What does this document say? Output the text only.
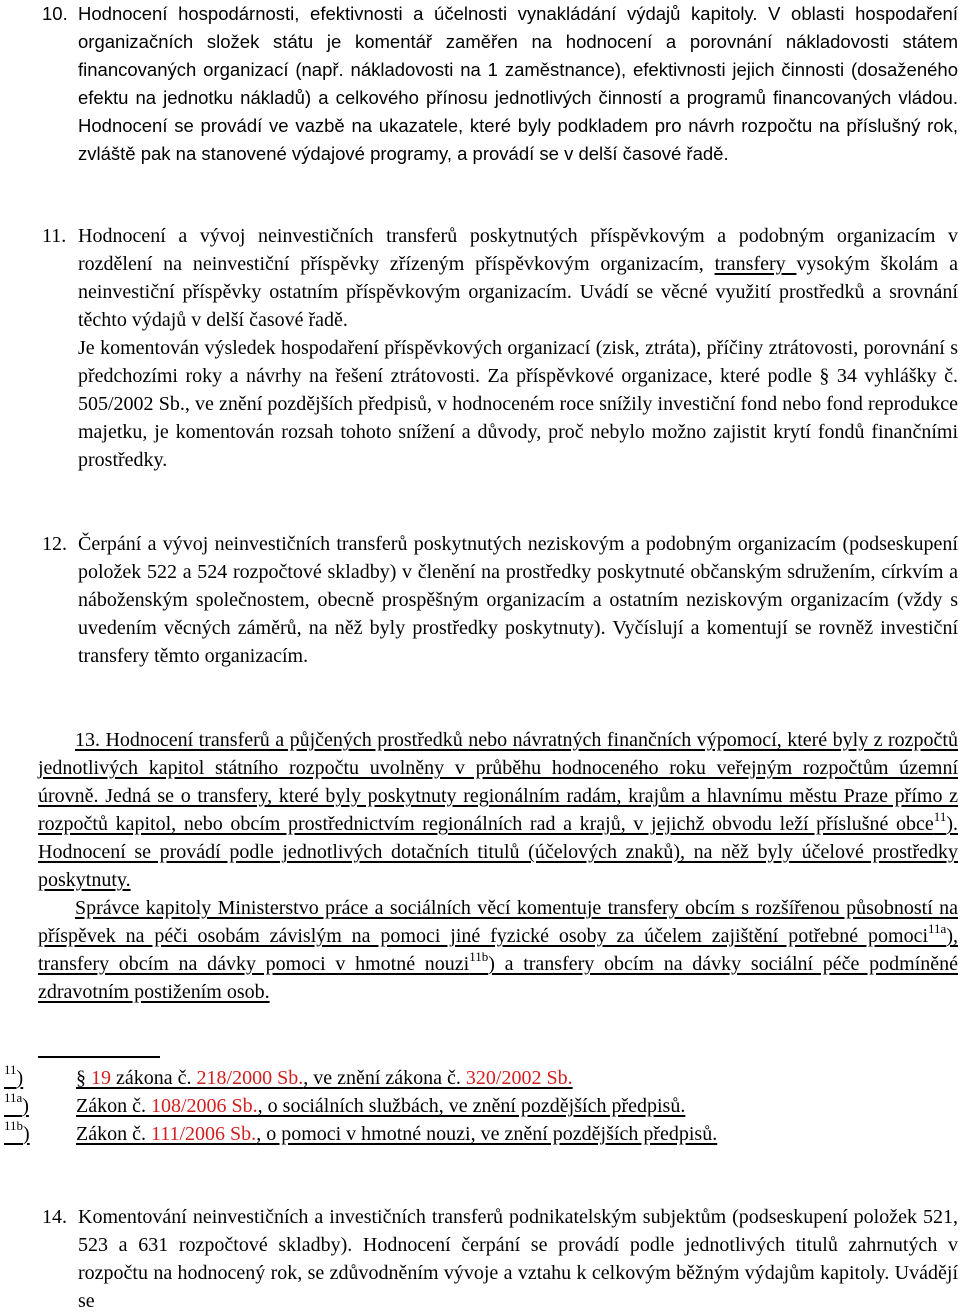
10. Hodnocení hospodárnosti, efektivnosti a účelnosti vynakládání výdajů kapitoly. V oblasti hospodaření organizačních složek státu je komentář zaměřen na hodnocení a porovnání nákladovosti státem financovaných organizací (např. nákladovosti na 1 zaměstnance), efektivnosti jejich činnosti (dosaženého efektu na jednotku nákladů) a celkového přínosu jednotlivých činností a programů financovaných vládou. Hodnocení se provádí ve vazbě na ukazatele, které byly podkladem pro návrh rozpočtu na příslušný rok, zvláště pak na stanovené výdajové programy, a provádí se v delší časové řadě.
11. Hodnocení a vývoj neinvestičních transferů poskytnutých příspěvkovým a podobným organizacím v rozdělení na neinvestiční příspěvky zřízeným příspěvkovým organizacím, transfery vysokým školám a neinvestiční příspěvky ostatním příspěvkovým organizacím. Uvádí se věcné využití prostředků a srovnání těchto výdajů v delší časové řadě.

Je komentován výsledek hospodaření příspěvkových organizací (zisk, ztráta), příčiny ztrátovosti, porovnání s předchozími roky a návrhy na řešení ztrátovosti. Za příspěvkové organizace, které podle § 34 vyhlášky č. 505/2002 Sb., ve znění pozdějších předpisů, v hodnoceném roce snížily investiční fond nebo fond reprodukce majetku, je komentován rozsah tohoto snížení a důvody, proč nebylo možno zajistit krytí fondů finančními prostředky.

12. Čerpání a vývoj neinvestičních transferů poskytnutých neziskovým a podobným organizacím (podseskupení položek 522 a 524 rozpočtové skladby) v členění na prostředky poskytnuté občanským sdružením, církvím a náboženským společnostem, obecně prospěšným organizacím a ostatním neziskovým organizacím (vždy s uvedením věcných záměrů, na něž byly prostředky poskytnuty). Vyčíslují a komentují se rovněž investiční transfery těmto organizacím.

13. Hodnocení transferů a půjčených prostředků nebo návratných finančních výpomocí, které byly z rozpočtů jednotlivých kapitol státního rozpočtu uvolněny v průběhu hodnoceného roku veřejným rozpočtům územní úrovně. Jedná se o transfery, které byly poskytnuty regionálním radám, krajům a hlavnímu městu Praze přímo z rozpočtů kapitol, nebo obcím prostřednictvím regionálních rad a krajů, v jejichž obvodu leží příslušné obce$^{11}$). Hodnocení se provádí podle jednotlivých dotačních titulů (účelových znaků), na něž byly účelové prostředky poskytnuty.

Správce kapitoly Ministerstvo práce a sociálních věcí komentuje transfery obcím s rozšířenou působností na příspěvek na péči osobám závislým na pomoci jiné fyzické osoby za účelem zajištění potřebné pomoci$^{11a}$), transfery obcím na dávky pomoci v hmotné nouzi$^{11b}$) a transfery obcím na dávky sociální péče podmíněné zdravotním postižením osob.

$^{11}$)	§ 19 zákona č. 218/2000 Sb., ve znění zákona č. 320/2002 Sb.
$^{11a}$) Zákon č. 108/2006 Sb., o sociálních službách, ve znění pozdějších předpisů.
$^{11b}$) Zákon č. 111/2006 Sb., o pomoci v hmotné nouzi, ve znění pozdějších předpisů.
14. Komentování neinvestičních a investičních transferů podnikatelským subjektům (podseskupení položek 521, 523 a 631 rozpočtové skladby). Hodnocení čerpání se provádí podle jednotlivých titulů zahrnutých v rozpočtu na hodnocený rok, se zdůvodněním vývoje a vztahu k celkovým běžným výdajům kapitoly. Uvádějí se
